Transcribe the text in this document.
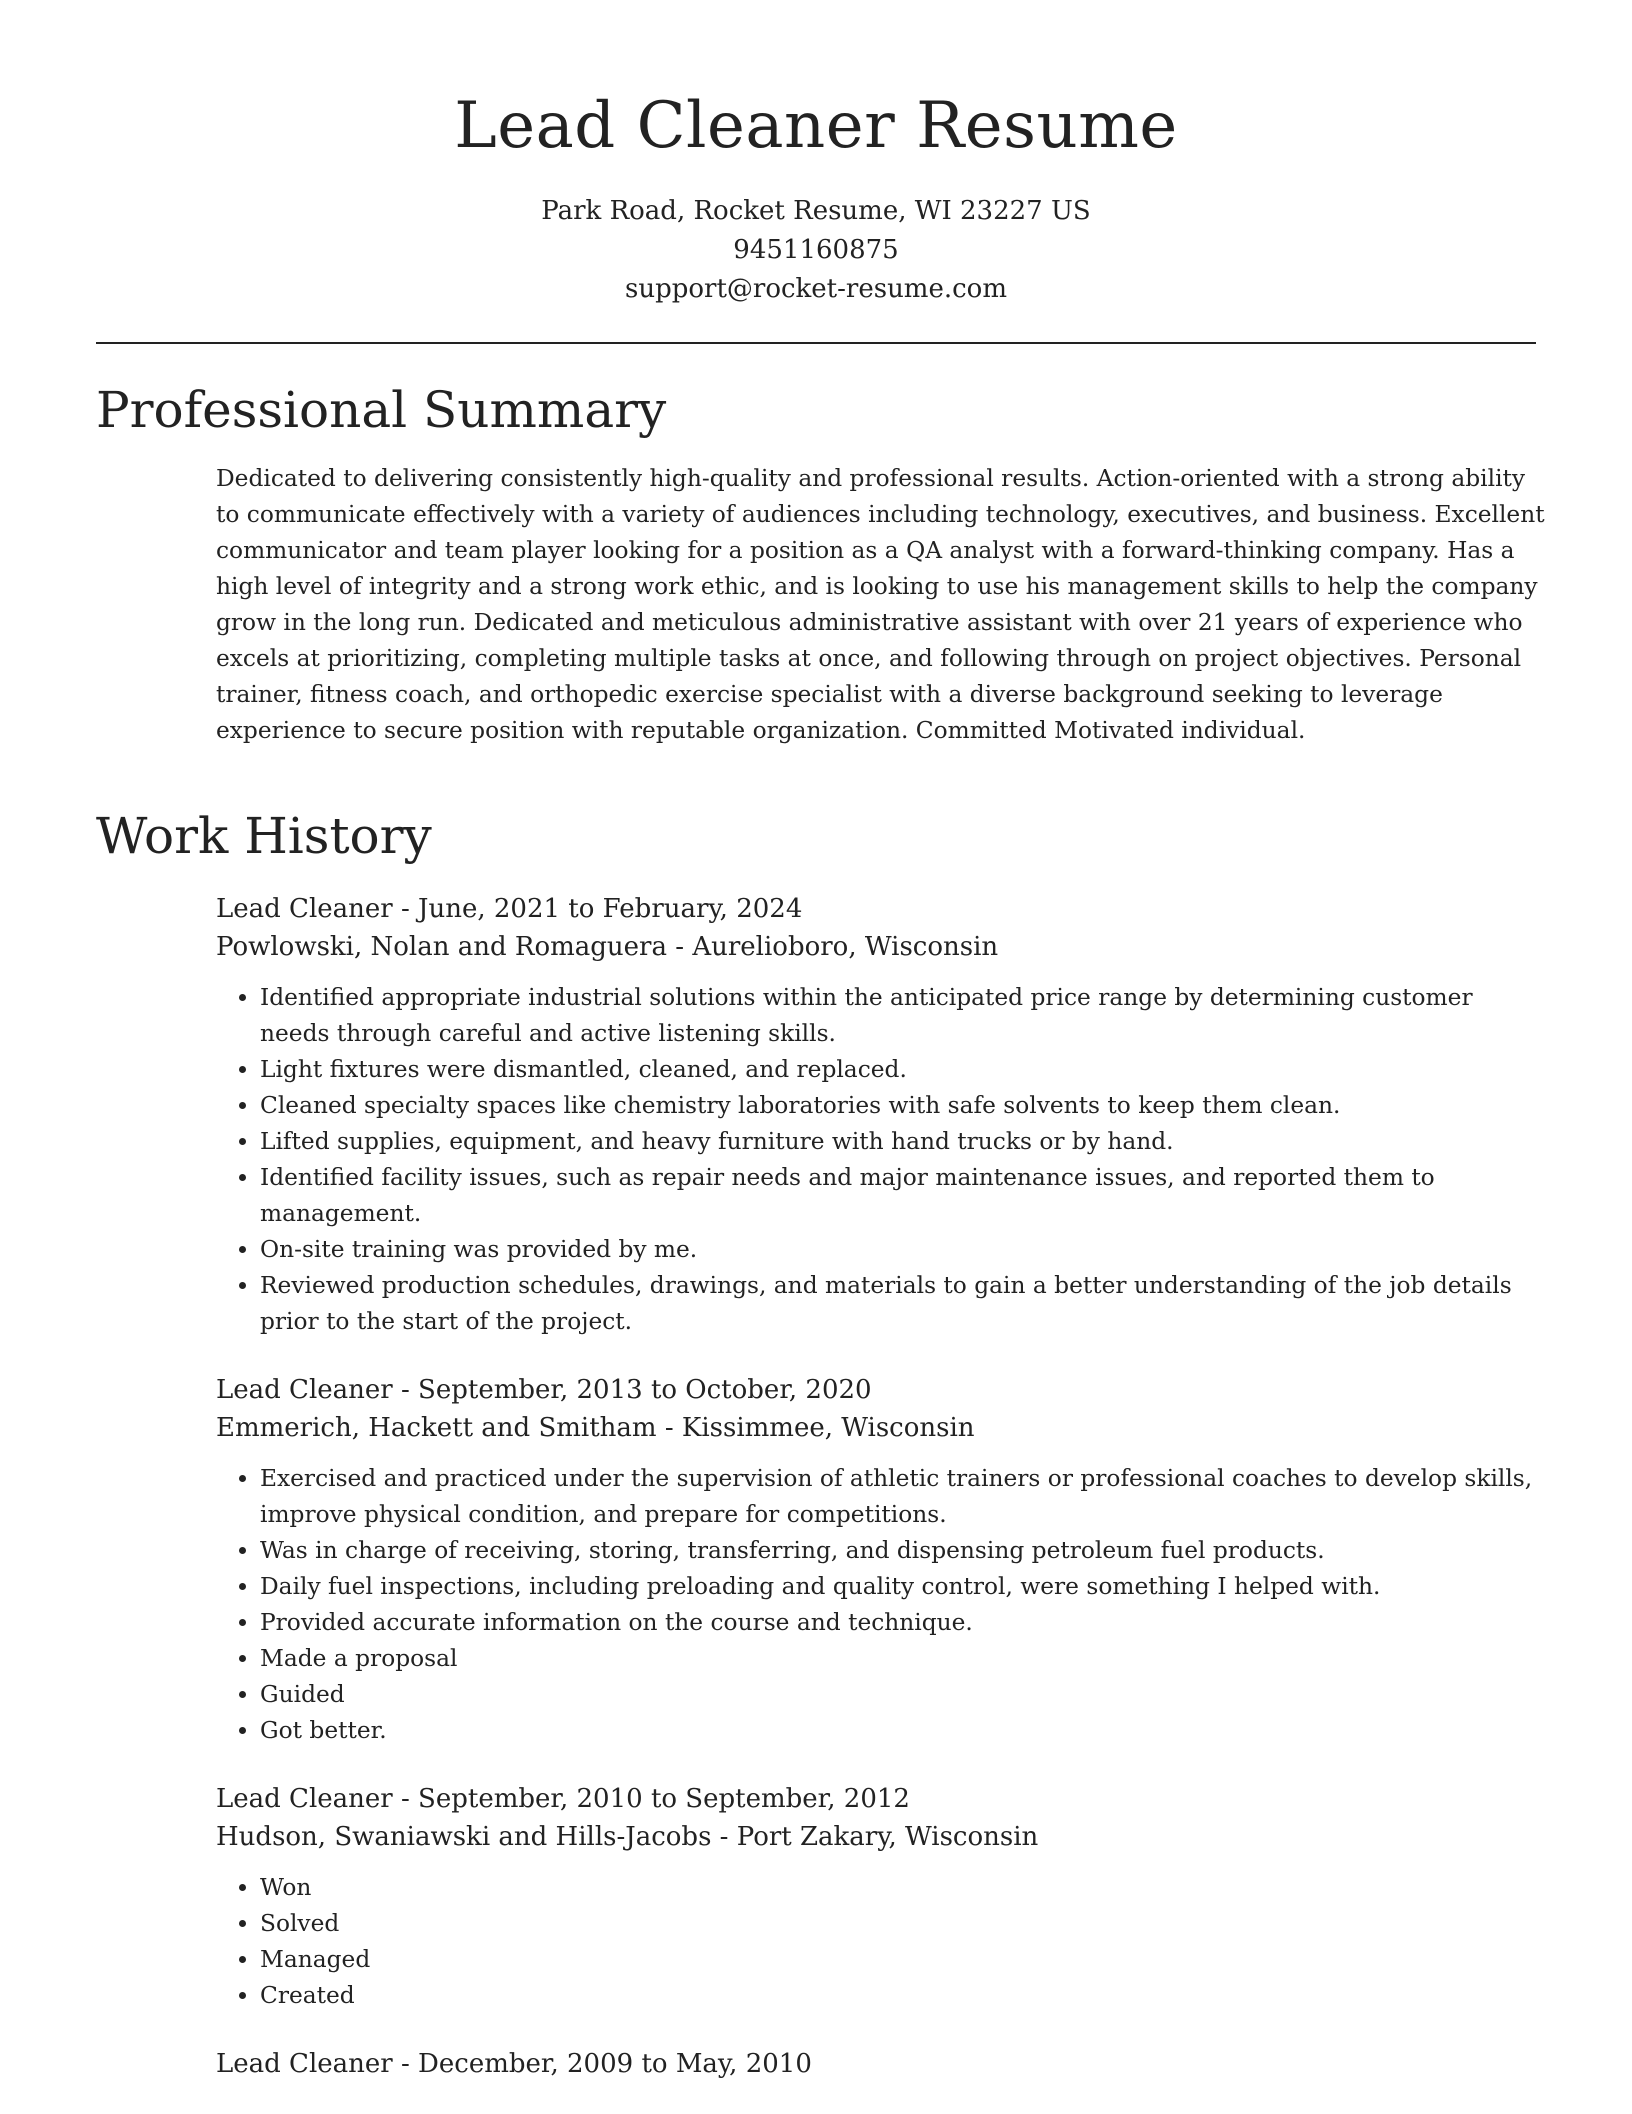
Lead Cleaner Resume
Park Road, Rocket Resume, WI 23227 US
9451160875
support@rocket-resume.com
Professional Summary

Dedicated to delivering consistently high-quality and professional results. Action-oriented with a strong ability to communicate effectively with a variety of audiences including technology, executives, and business. Excellent communicator and team player looking for a position as a QA analyst with a forward-thinking company. Has a high level of integrity and a strong work ethic, and is looking to use his management skills to help the company grow in the long run. Dedicated and meticulous administrative assistant with over 21 years of experience who excels at prioritizing, completing multiple tasks at once, and following through on project objectives. Personal trainer, fitness coach, and orthopedic exercise specialist with a diverse background seeking to leverage experience to secure position with reputable organization. Committed Motivated individual.

Work History
Lead Cleaner - June, 2021 to February, 2024
Powlowski, Nolan and Romaguera - Aurelioboro, Wisconsin
• Identified appropriate industrial solutions within the anticipated price range by determining customer needs through careful and active listening skills.
• Light fixtures were dismantled, cleaned, and replaced.
• Cleaned specialty spaces like chemistry laboratories with safe solvents to keep them clean.
• Lifted supplies, equipment, and heavy furniture with hand trucks or by hand.
• Identified facility issues, such as repair needs and major maintenance issues, and reported them to management.
• On-site training was provided by me.
• Reviewed production schedules, drawings, and materials to gain a better understanding of the job details prior to the start of the project.
Lead Cleaner - September, 2013 to October, 2020
Emmerich, Hackett and Smitham - Kissimmee, Wisconsin
• Exercised and practiced under the supervision of athletic trainers or professional coaches to develop skills, improve physical condition, and prepare for competitions.
• Was in charge of receiving, storing, transferring, and dispensing petroleum fuel products.
• Daily fuel inspections, including preloading and quality control, were something I helped with.
• Provided accurate information on the course and technique.
• Made a proposal
• Guided
• Got better.
Lead Cleaner - September, 2010 to September, 2012
Hudson, Swaniawski and Hills-Jacobs - Port Zakary, Wisconsin
• Won
• Solved
• Managed
• Created
Lead Cleaner - December, 2009 to May, 2010
